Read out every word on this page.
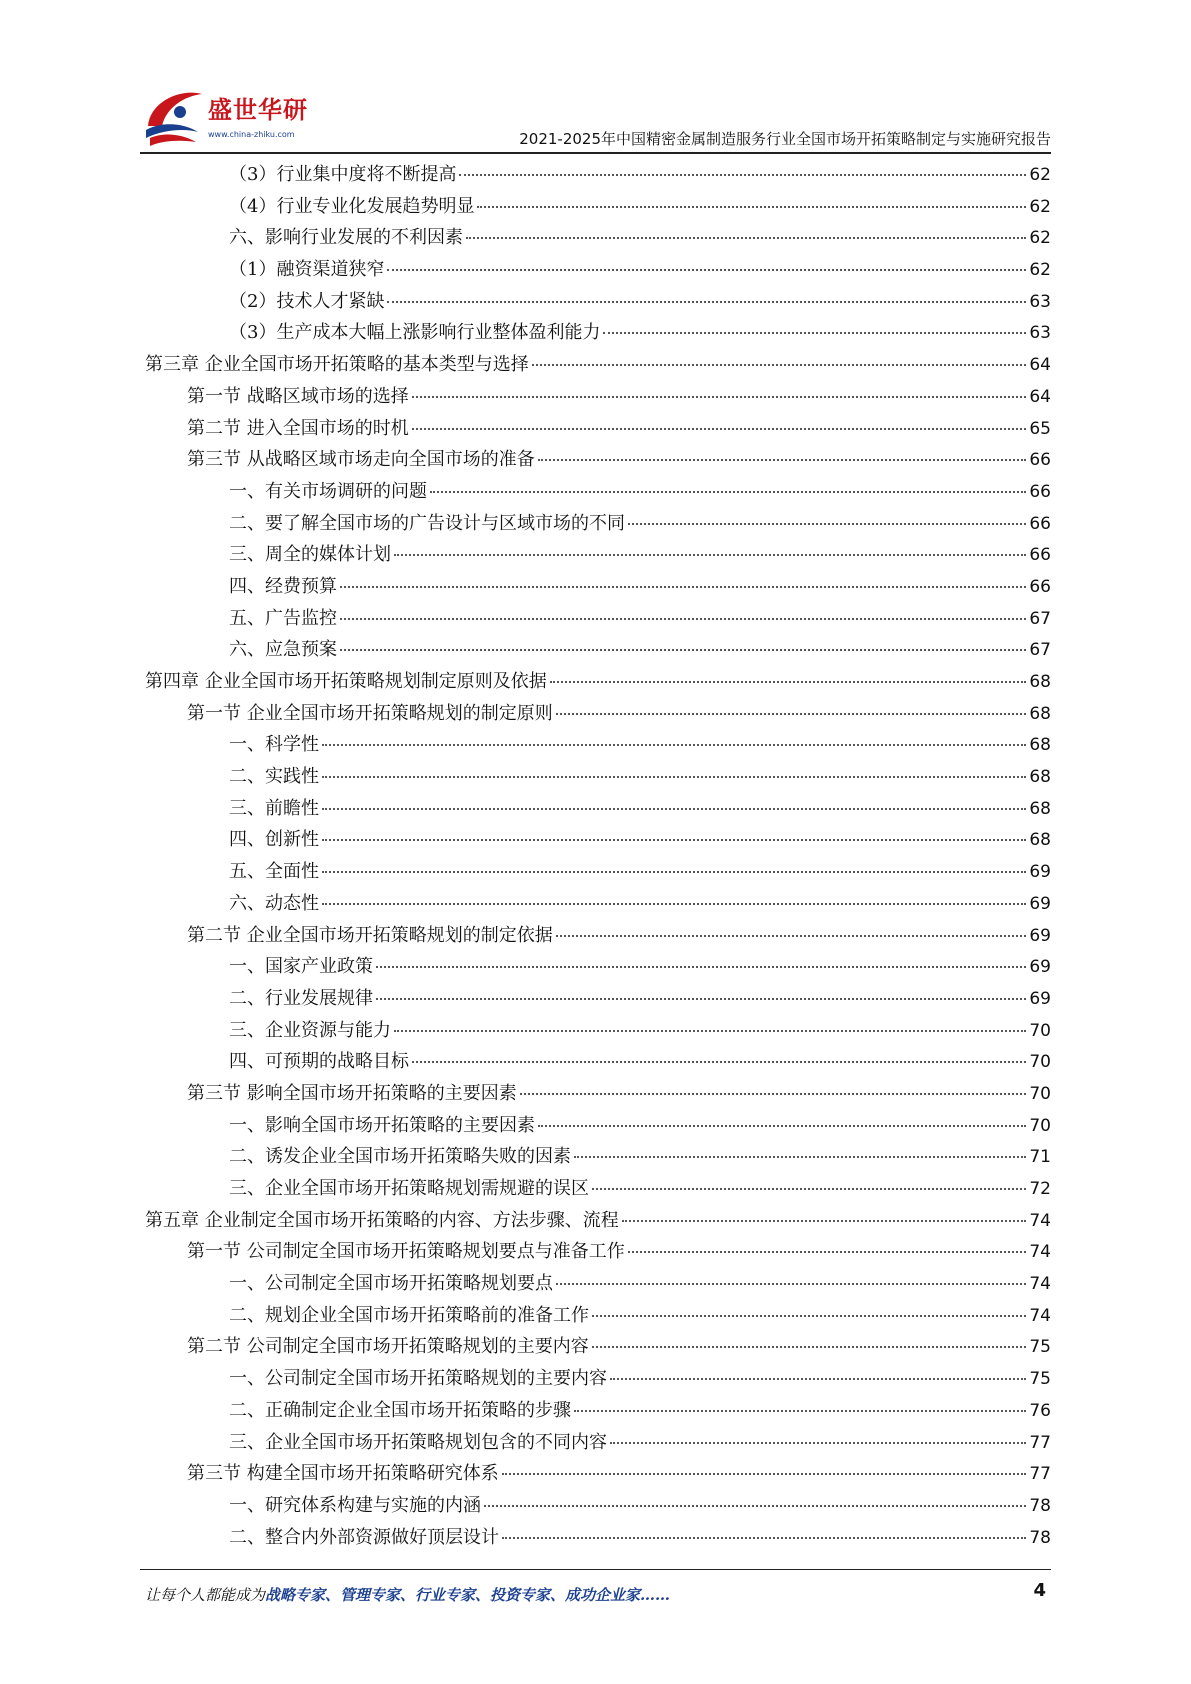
盛世华研
www.china-zhiku.com	2021-2025年中国精密金属制造服务行业全国市场开拓策略制定与实施研究报告
（3）行业集中度将不断提高	62
（4）行业专业化发展趋势明显	62
六、影响行业发展的不利因素	62
（1）融资渠道狭窄	62
（2）技术人才紧缺	63
（3）生产成本大幅上涨影响行业整体盈利能力	63
第三章 企业全国市场开拓策略的基本类型与选择	64
第一节 战略区域市场的选择	64
第二节 进入全国市场的时机	65
第三节 从战略区域市场走向全国市场的准备	66
一、有关市场调研的问题	66
二、要了解全国市场的广告设计与区域市场的不同	66
三、周全的媒体计划	66
四、经费预算	66
五、广告监控	67
六、应急预案	67
第四章 企业全国市场开拓策略规划制定原则及依据	68
第一节 企业全国市场开拓策略规划的制定原则	68
一、科学性	68
二、实践性	68
三、前瞻性	68
四、创新性	68
五、全面性	69
六、动态性	69
第二节 企业全国市场开拓策略规划的制定依据	69
一、国家产业政策	69
二、行业发展规律	69
三、企业资源与能力	70
四、可预期的战略目标	70
第三节 影响全国市场开拓策略的主要因素	70
一、影响全国市场开拓策略的主要因素	70
二、诱发企业全国市场开拓策略失败的因素	71
三、企业全国市场开拓策略规划需规避的误区	72
第五章 企业制定全国市场开拓策略的内容、方法步骤、流程	74
第一节 公司制定全国市场开拓策略规划要点与准备工作	74
一、公司制定全国市场开拓策略规划要点	74
二、规划企业全国市场开拓策略前的准备工作	74
第二节 公司制定全国市场开拓策略规划的主要内容	75
一、公司制定全国市场开拓策略规划的主要内容	75
二、正确制定企业全国市场开拓策略的步骤	76
三、企业全国市场开拓策略规划包含的不同内容	77
第三节 构建全国市场开拓策略研究体系	77
一、研究体系构建与实施的内涵	78
二、整合内外部资源做好顶层设计	78
让每个人都能成为战略专家、管理专家、行业专家、投资专家、成功企业家……	4
